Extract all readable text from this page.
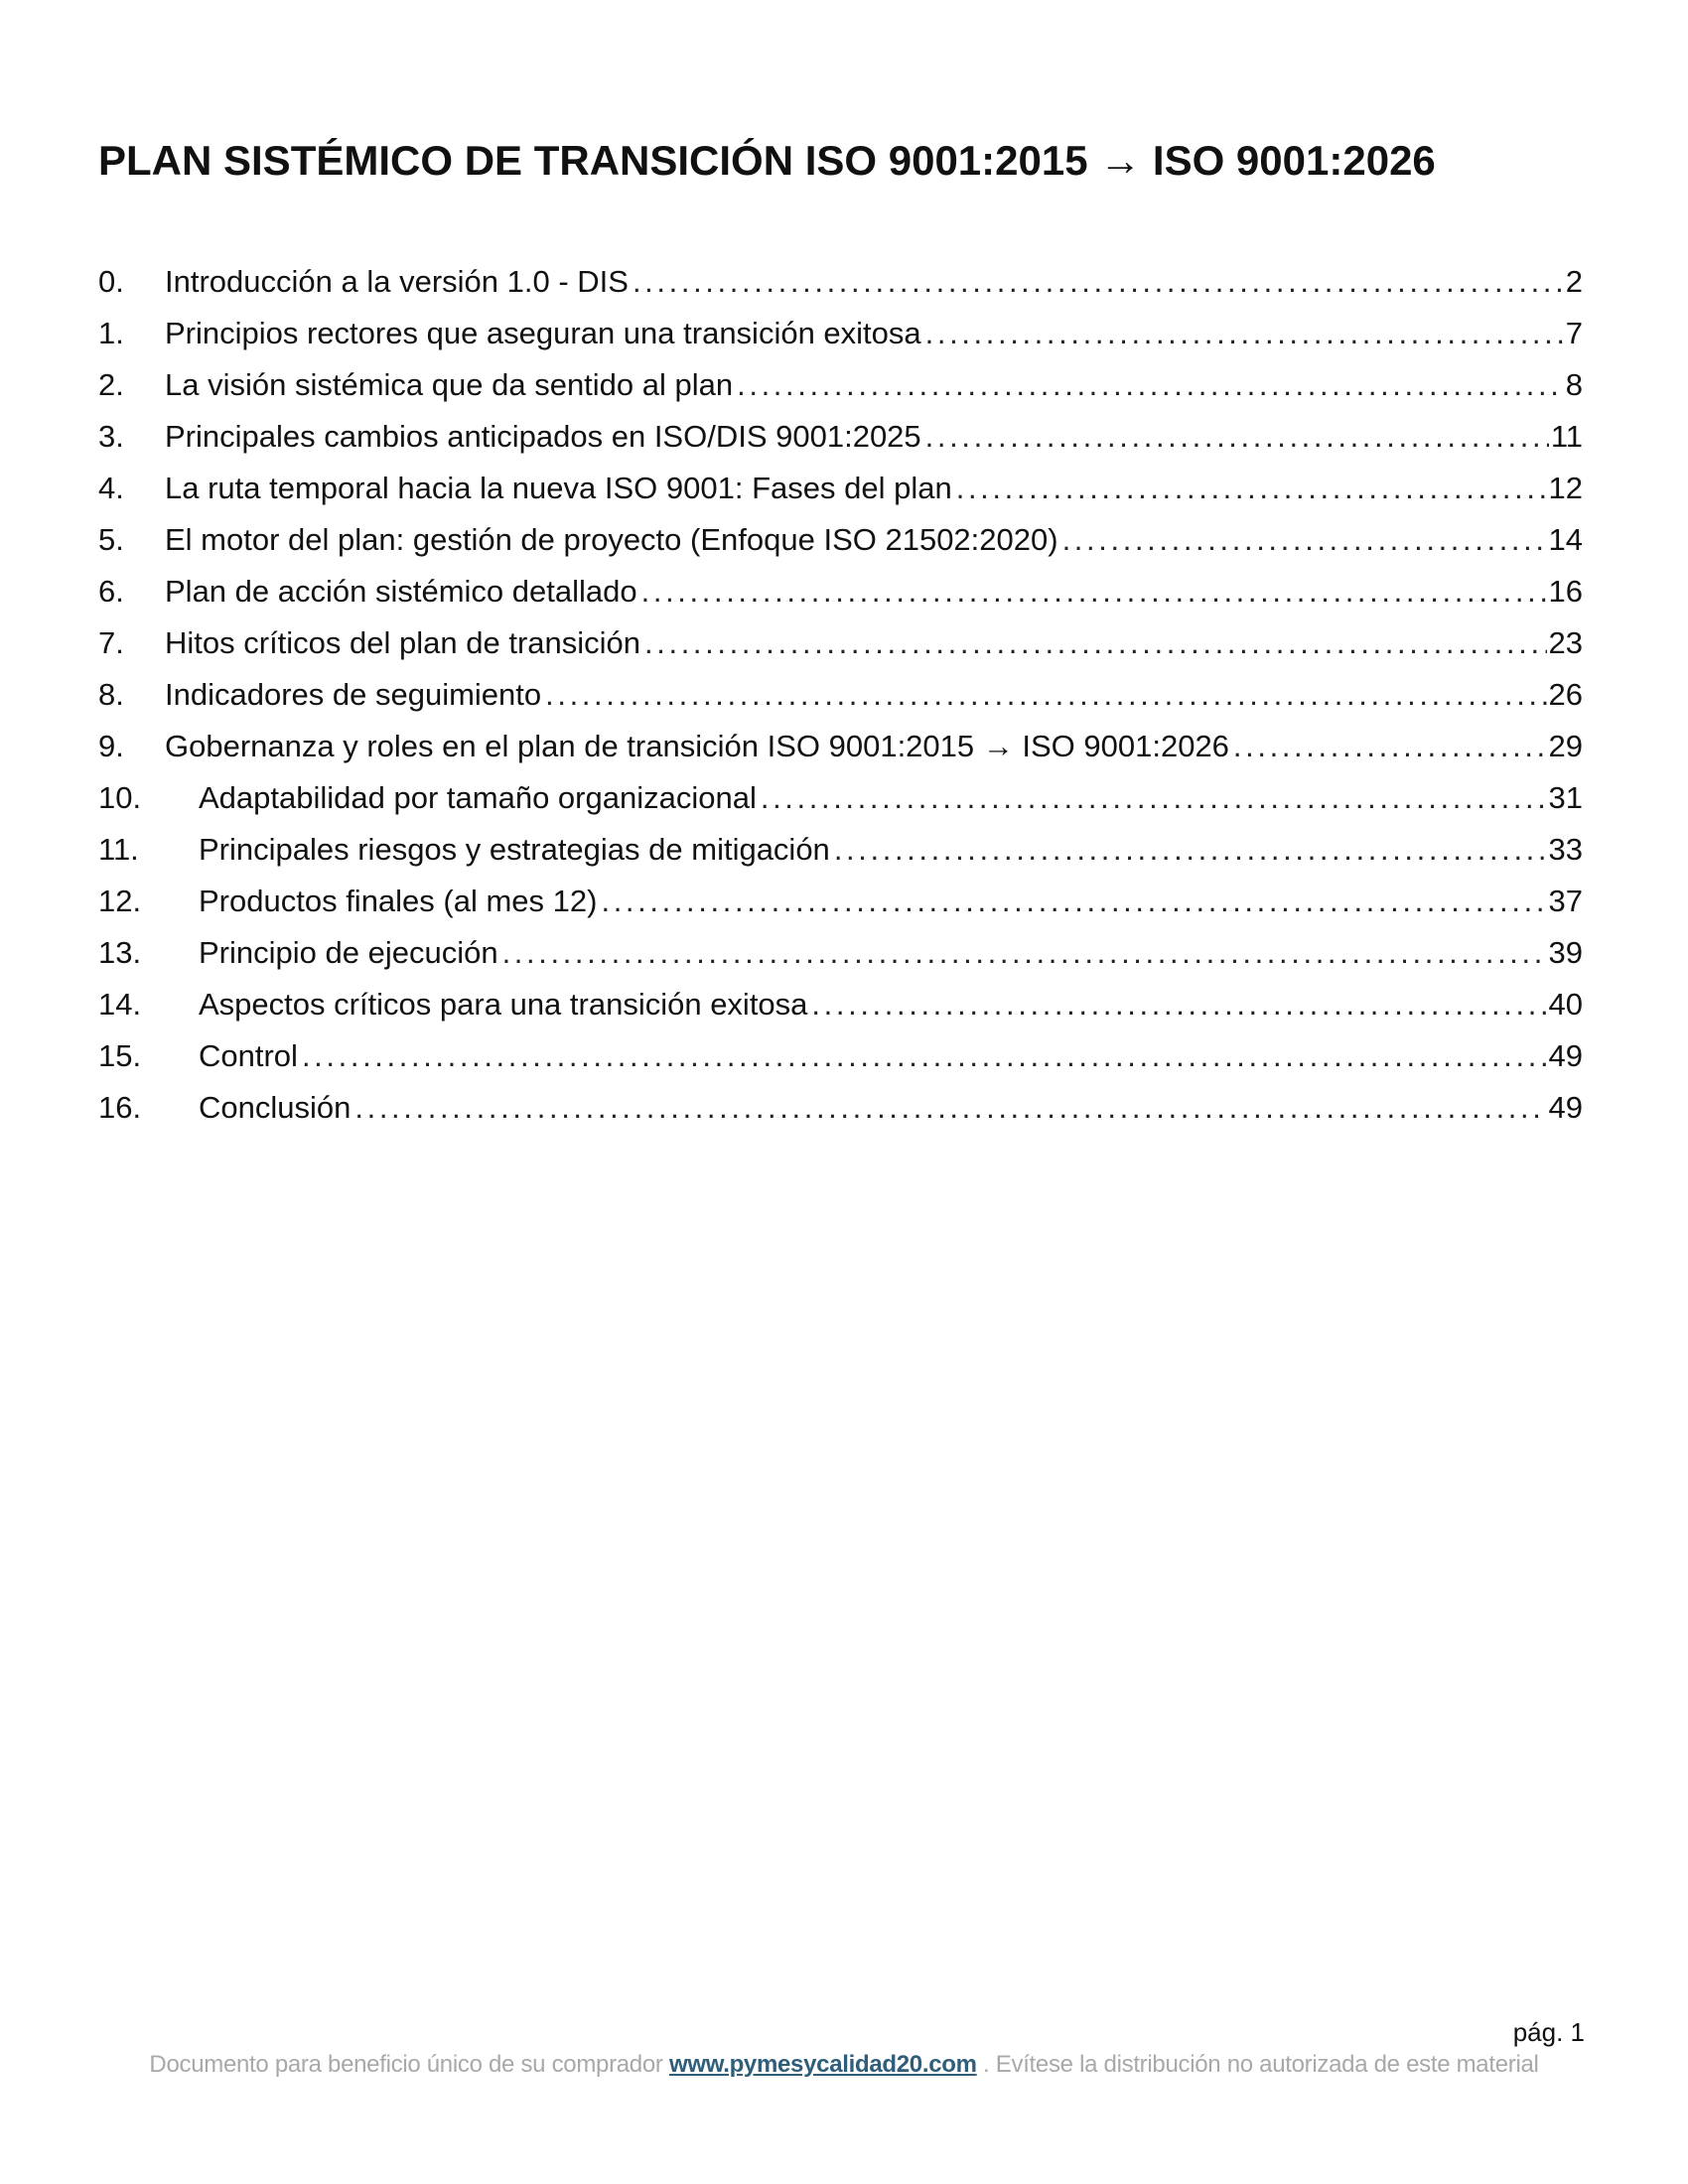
PLAN SISTÉMICO DE TRANSICIÓN ISO 9001:2015 → ISO 9001:2026
0.	Introducción a la versión 1.0 - DIS . . .	2
1.	Principios rectores que aseguran una transición exitosa . . .	7
2.	La visión sistémica que da sentido al plan . . .	8
3.	Principales cambios anticipados en ISO/DIS 9001:2025 . . .	11
4.	La ruta temporal hacia la nueva ISO 9001: Fases del plan . . .	12
5.	El motor del plan: gestión de proyecto (Enfoque ISO 21502:2020) . . .	14
6.	Plan de acción sistémico detallado . . .	16
7.	Hitos críticos del plan de transición . . .	23
8.	Indicadores de seguimiento . . .	26
9.	Gobernanza y roles en el plan de transición ISO 9001:2015 → ISO 9001:2026 . . .	29
10.	Adaptabilidad por tamaño organizacional . . .	31
11.	Principales riesgos y estrategias de mitigación . . .	33
12.	Productos finales (al mes 12) . . .	37
13.	Principio de ejecución . . .	39
14.	Aspectos críticos para una transición exitosa . . .	40
15.	Control . . .	49
16.	Conclusión . . .	49
pág. 1
Documento para beneficio único de su comprador www.pymesycalidad20.com . Evítese la distribución no autorizada de este material
